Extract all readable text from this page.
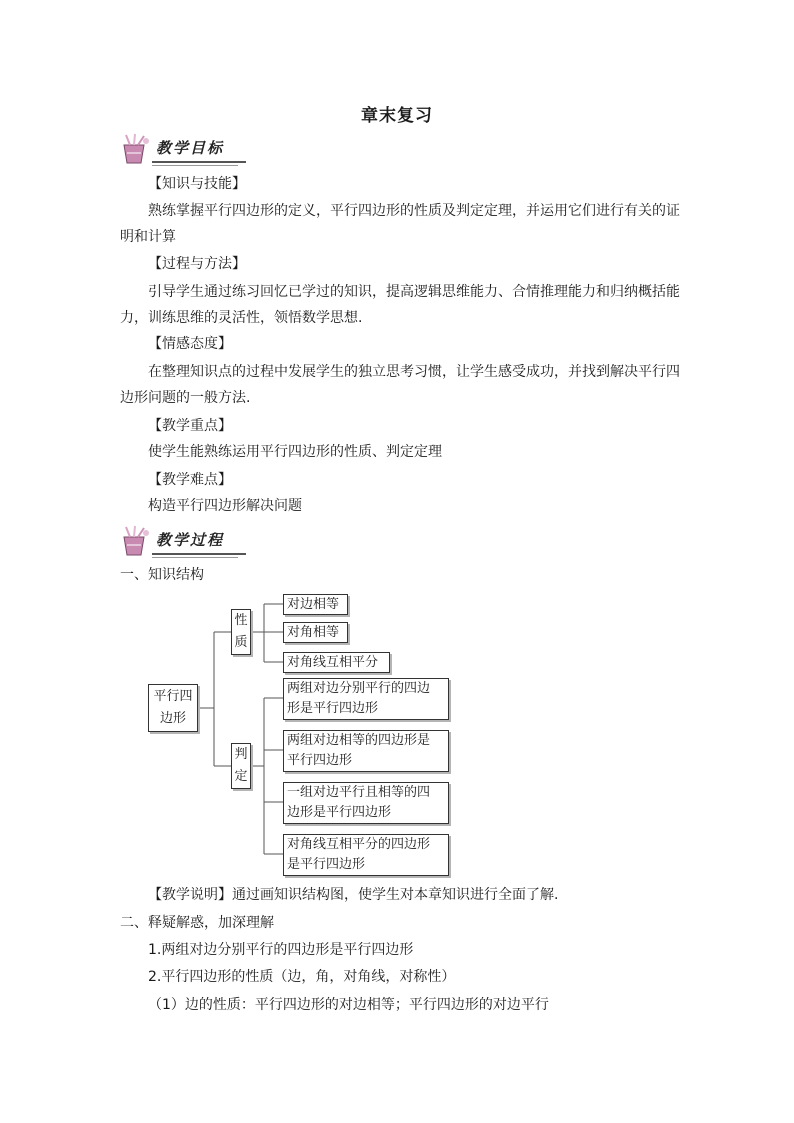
章末复习
教学目标
【知识与技能】
熟练掌握平行四边形的定义，平行四边形的性质及判定定理，并运用它们进行有关的证
明和计算
【过程与方法】
引导学生通过练习回忆已学过的知识，提高逻辑思维能力、合情推理能力和归纳概括能
力，训练思维的灵活性，领悟数学思想.
【情感态度】
在整理知识点的过程中发展学生的独立思考习惯，让学生感受成功，并找到解决平行四
边形问题的一般方法.
【教学重点】
使学生能熟练运用平行四边形的性质、判定定理
【教学难点】
构造平行四边形解决问题
教学过程
一、知识结构
平行四
边形
性
质
判
定
对边相等
对角相等
对角线互相平分
两组对边分别平行的四边
形是平行四边形
两组对边相等的四边形是
平行四边形
一组对边平行且相等的四
边形是平行四边形
对角线互相平分的四边形
是平行四边形
【教学说明】通过画知识结构图，使学生对本章知识进行全面了解.
二、释疑解惑，加深理解
1.两组对边分别平行的四边形是平行四边形
2.平行四边形的性质（边，角，对角线，对称性）
（1）边的性质：平行四边形的对边相等；平行四边形的对边平行
